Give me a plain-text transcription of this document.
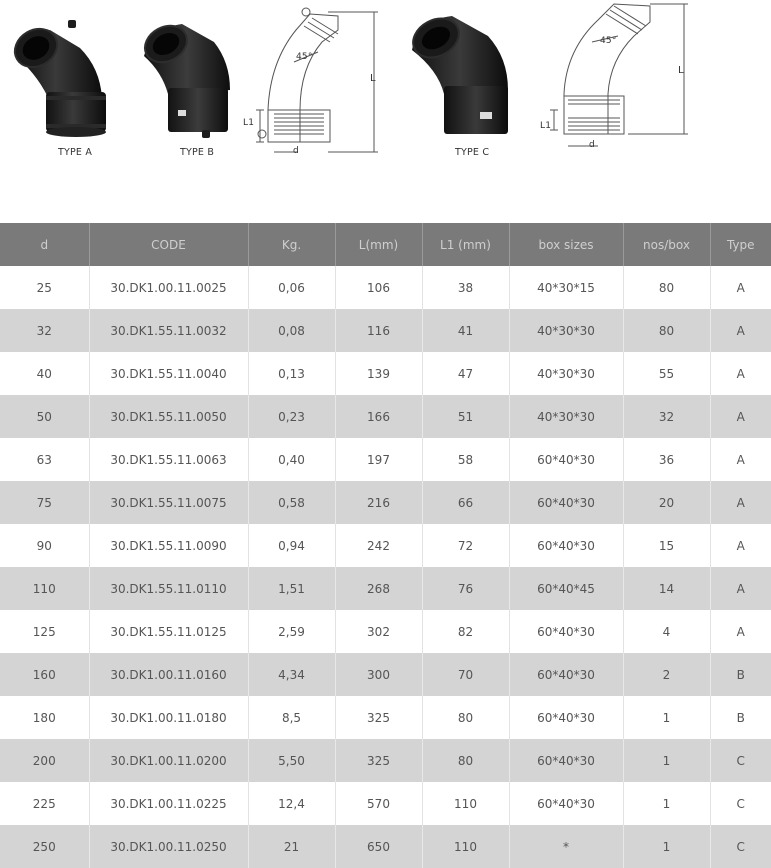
TYPE A	TYPE B
45°
L
L1
d	TYPE C
45°
L
L1
d
d	CODE	Kg.	L(mm)	L1 (mm)	box sizes	nos/box	Type
25	30.DK1.00.11.0025	0,06	106	38	40*30*15	80	A
32	30.DK1.55.11.0032	0,08	116	41	40*30*30	80	A
40	30.DK1.55.11.0040	0,13	139	47	40*30*30	55	A
50	30.DK1.55.11.0050	0,23	166	51	40*30*30	32	A
63	30.DK1.55.11.0063	0,40	197	58	60*40*30	36	A
75	30.DK1.55.11.0075	0,58	216	66	60*40*30	20	A
90	30.DK1.55.11.0090	0,94	242	72	60*40*30	15	A
110	30.DK1.55.11.0110	1,51	268	76	60*40*45	14	A
125	30.DK1.55.11.0125	2,59	302	82	60*40*30	4	A
160	30.DK1.00.11.0160	4,34	300	70	60*40*30	2	B
180	30.DK1.00.11.0180	8,5	325	80	60*40*30	1	B
200	30.DK1.00.11.0200	5,50	325	80	60*40*30	1	C
225	30.DK1.00.11.0225	12,4	570	110	60*40*30	1	C
250	30.DK1.00.11.0250	21	650	110	*	1	C
